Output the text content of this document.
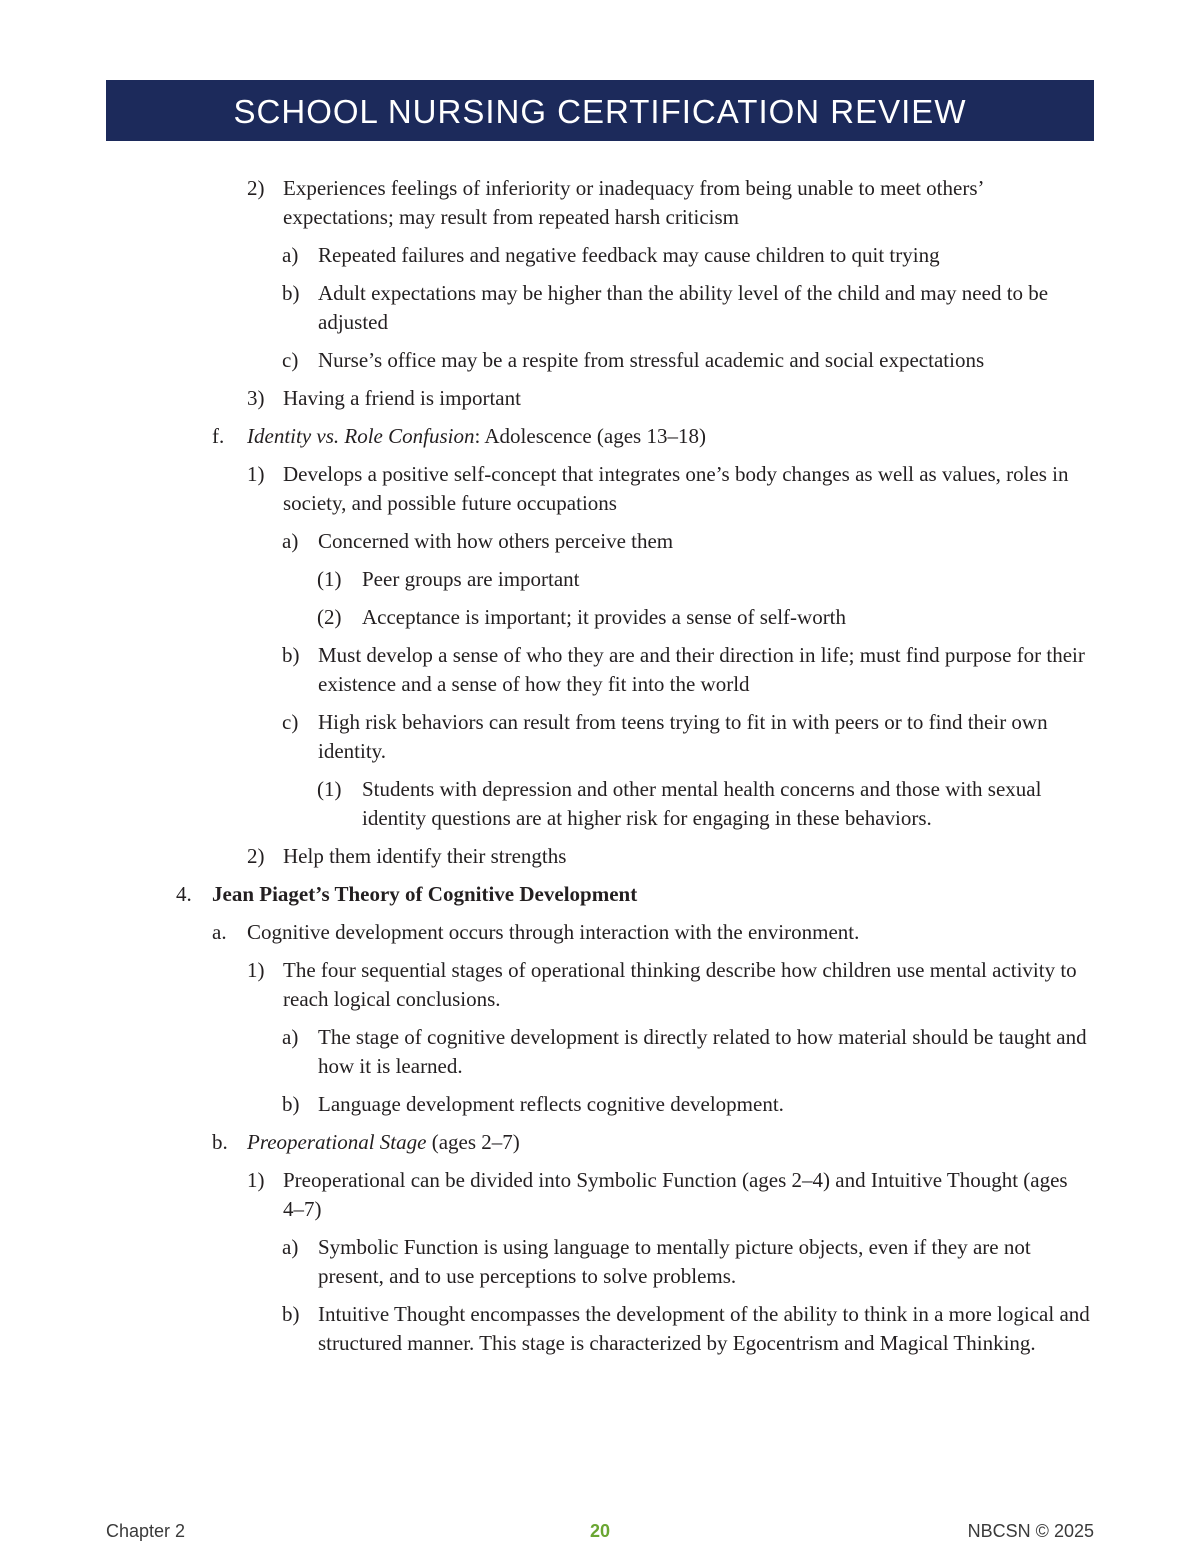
SCHOOL NURSING CERTIFICATION REVIEW
2) Experiences feelings of inferiority or inadequacy from being unable to meet others’ expectations; may result from repeated harsh criticism
a) Repeated failures and negative feedback may cause children to quit trying
b) Adult expectations may be higher than the ability level of the child and may need to be adjusted
c) Nurse’s office may be a respite from stressful academic and social expectations
3) Having a friend is important
f. Identity vs. Role Confusion: Adolescence (ages 13–18)
1) Develops a positive self-concept that integrates one’s body changes as well as values, roles in society, and possible future occupations
a) Concerned with how others perceive them
(1) Peer groups are important
(2) Acceptance is important; it provides a sense of self-worth
b) Must develop a sense of who they are and their direction in life; must find purpose for their existence and a sense of how they fit into the world
c) High risk behaviors can result from teens trying to fit in with peers or to find their own identity.
(1) Students with depression and other mental health concerns and those with sexual identity questions are at higher risk for engaging in these behaviors.
2) Help them identify their strengths
4. Jean Piaget’s Theory of Cognitive Development
a. Cognitive development occurs through interaction with the environment.
1) The four sequential stages of operational thinking describe how children use mental activity to reach logical conclusions.
a) The stage of cognitive development is directly related to how material should be taught and how it is learned.
b) Language development reflects cognitive development.
b. Preoperational Stage (ages 2–7)
1) Preoperational can be divided into Symbolic Function (ages 2–4) and Intuitive Thought (ages 4–7)
a) Symbolic Function is using language to mentally picture objects, even if they are not present, and to use perceptions to solve problems.
b) Intuitive Thought encompasses the development of the ability to think in a more logical and structured manner. This stage is characterized by Egocentrism and Magical Thinking.
Chapter 2	20	NBCSN © 2025
